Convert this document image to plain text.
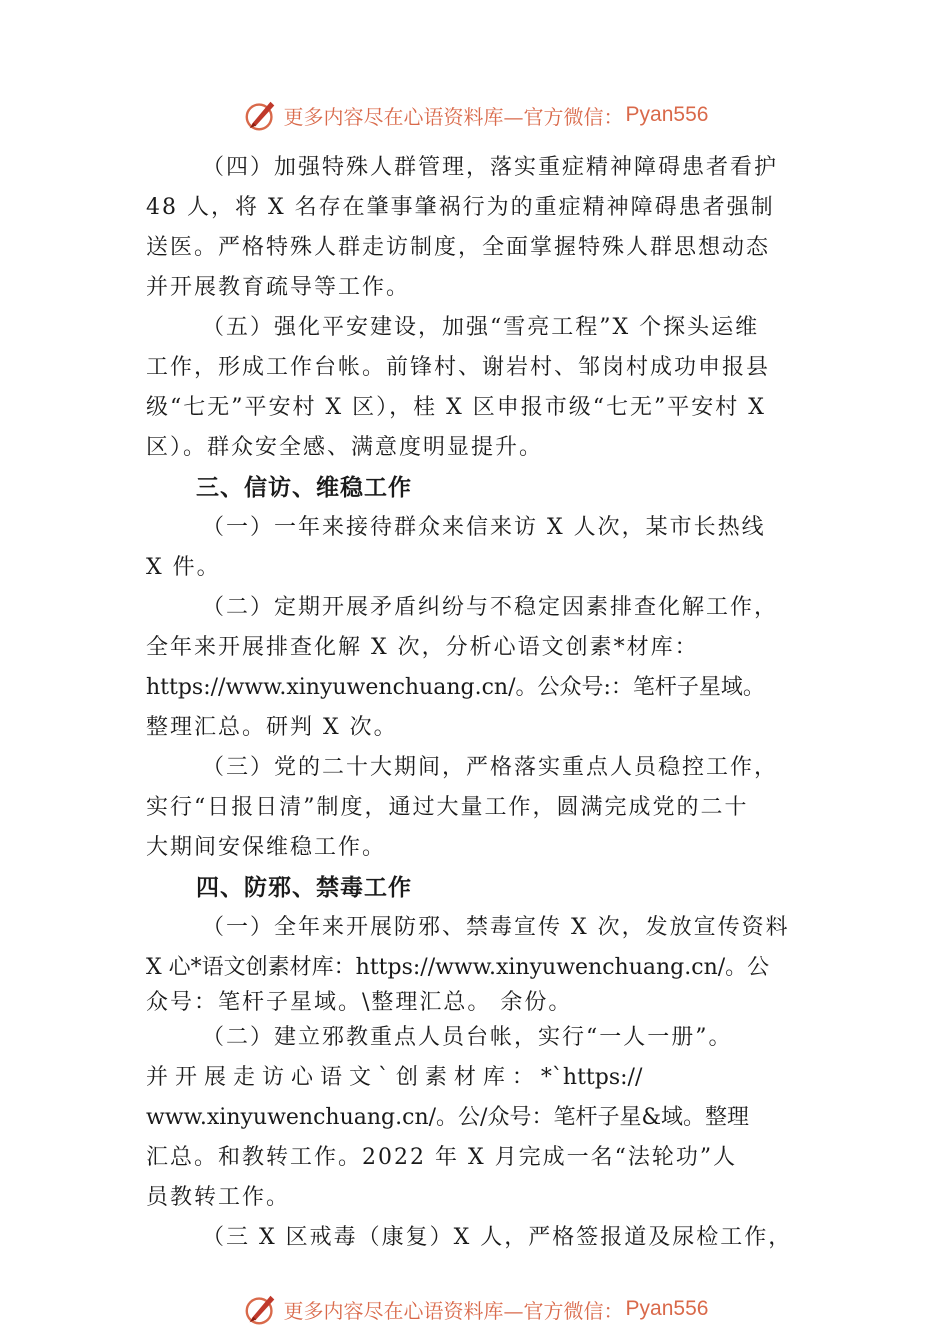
更多内容尽在心语资料库—官方微信： Pyan556
（四）加强特殊人群管理，落实重症精神障碍患者看护
48 人，将 X 名存在肇事肇祸行为的重症精神障碍患者强制
送医。严格特殊人群走访制度，全面掌握特殊人群思想动态
并开展教育疏导等工作。
（五）强化平安建设，加强“雪亮工程”X 个探头运维
工作，形成工作台帐。前锋村、谢岩村、邹岗村成功申报县
级“七无”平安村 X 区），桂 X 区申报市级“七无”平安村 X
区）。群众安全感、满意度明显提升。
三、信访、维稳工作
（一）一年来接待群众来信来访 X 人次，某市长热线
X 件。
（二）定期开展矛盾纠纷与不稳定因素排查化解工作，
全年来开展排查化解 X 次，分析心语文创素*材库：
https://www.xinyuwenchuang.cn/。公众号:：笔杆子星域。
整理汇总。研判 X 次。
（三）党的二十大期间，严格落实重点人员稳控工作，
实行“日报日清”制度，通过大量工作，圆满完成党的二十
大期间安保维稳工作。
四、防邪、禁毒工作
（一）全年来开展防邪、禁毒宣传 X 次，发放宣传资料
X 心*语文创素材库：https://www.xinyuwenchuang.cn/。公
众号：笔杆子星域。\整理汇总。 余份。
（二）建立邪教重点人员台帐，实行“一人一册”。
并 开 展 走 访 心 语 文 ` 创 素 材 库 ： *`https://
www.xinyuwenchuang.cn/。公/众号：笔杆子星&域。整理
汇总。和教转工作。2022 年 X 月完成一名“法轮功”人
员教转工作。
（三 X 区戒毒（康复）X 人，严格签报道及尿检工作，
更多内容尽在心语资料库—官方微信： Pyan556
